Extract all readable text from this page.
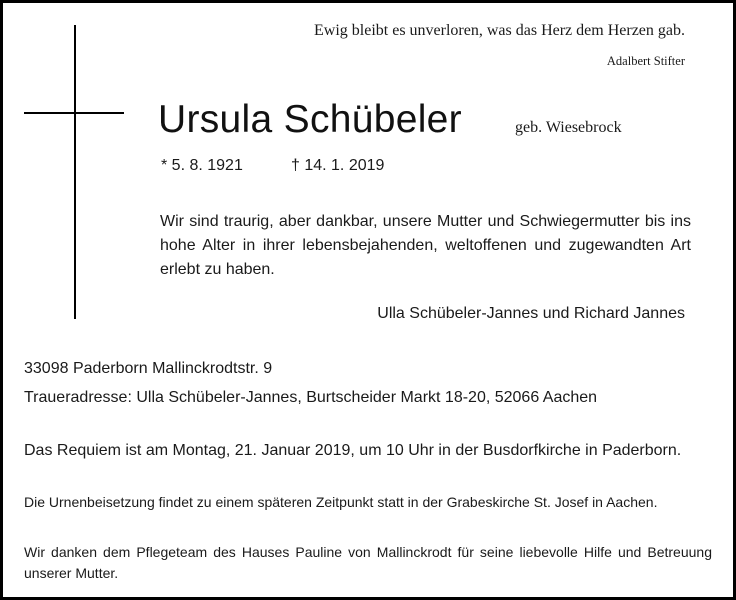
Ewig bleibt es unverloren, was das Herz dem Herzen gab.
Adalbert Stifter
Ursula Schübeler	geb. Wiesebrock
* 5. 8. 1921	† 14. 1. 2019
Wir sind traurig, aber dankbar, unsere Mutter und Schwiegermutter bis ins hohe Alter in ihrer lebensbejahenden, weltoffenen und zugewandten Art erlebt zu haben.
Ulla Schübeler-Jannes und Richard Jannes
33098 Paderborn Mallinckrodtstr. 9
Traueradresse: Ulla Schübeler-Jannes, Burtscheider Markt 18-20, 52066 Aachen
Das Requiem ist am Montag, 21. Januar 2019, um 10 Uhr in der Busdorfkirche in Paderborn.
Die Urnenbeisetzung findet zu einem späteren Zeitpunkt statt in der Grabeskirche St. Josef in Aachen.
Wir danken dem Pflegeteam des Hauses Pauline von Mallinckrodt für seine liebevolle Hilfe und Betreuung unserer Mutter.
